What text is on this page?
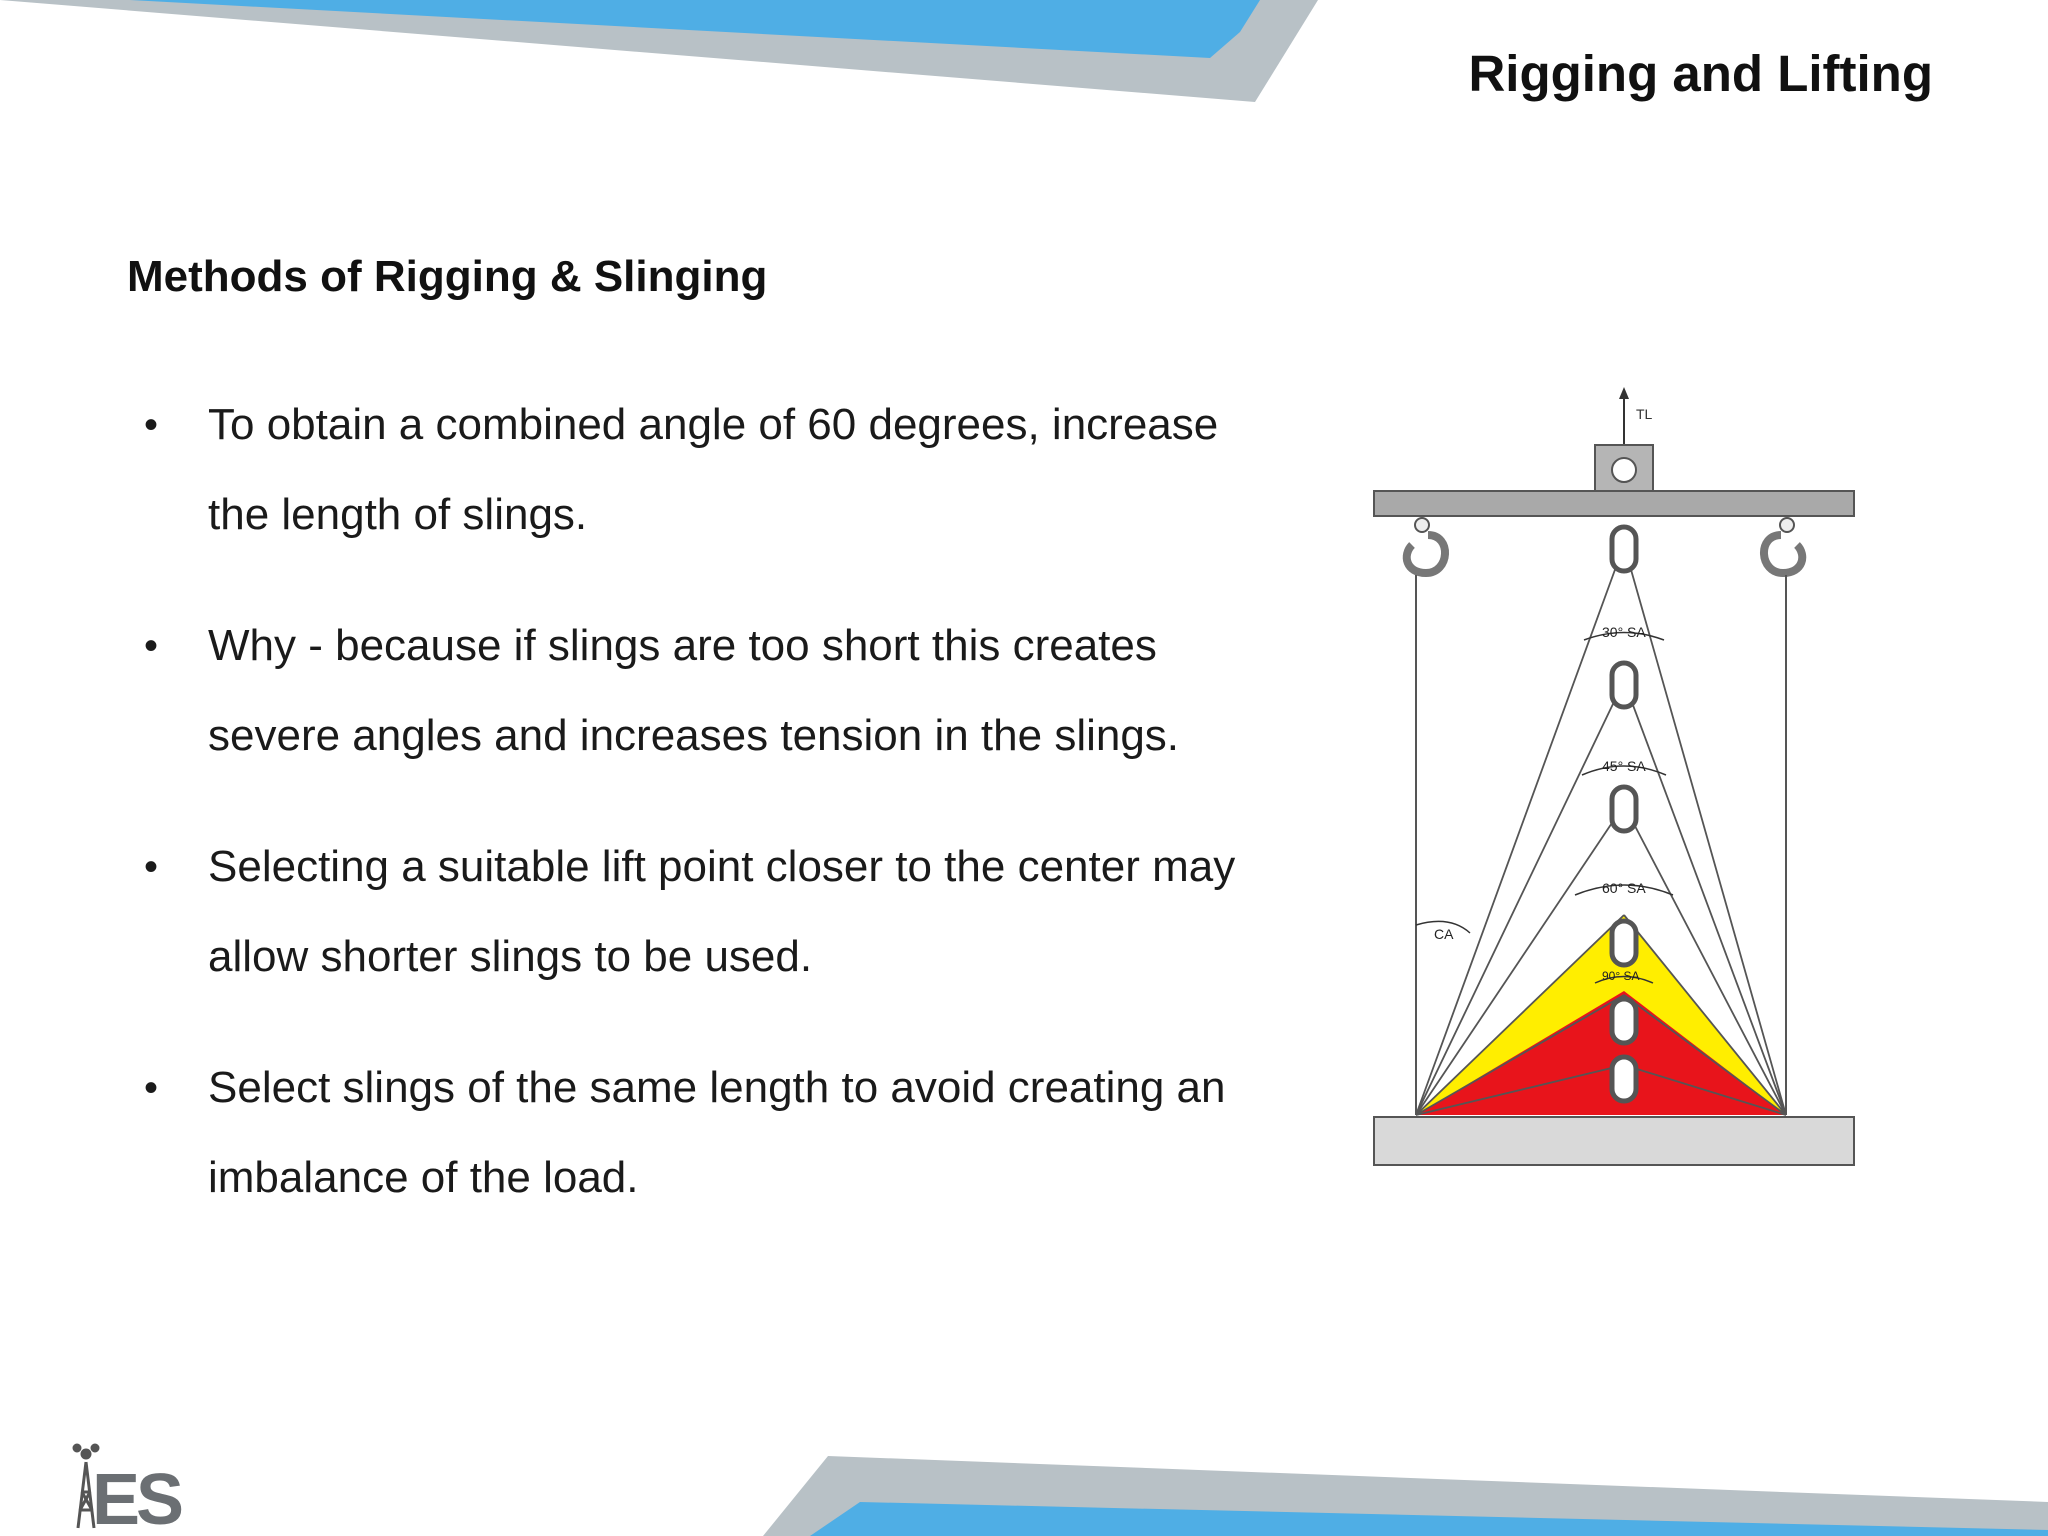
Rigging and Lifting
Methods of Rigging & Slinging
• To obtain a combined angle of 60 degrees, increase the length of slings.
• Why - because if slings are too short this creates severe angles and increases tension in the slings.
• Selecting a suitable lift point closer to the center may allow shorter slings to be used.
• Select slings of the same length to avoid creating an imbalance of the load.
TL
30° SA
45° SA
60° SA
90° SA
CA
ES
